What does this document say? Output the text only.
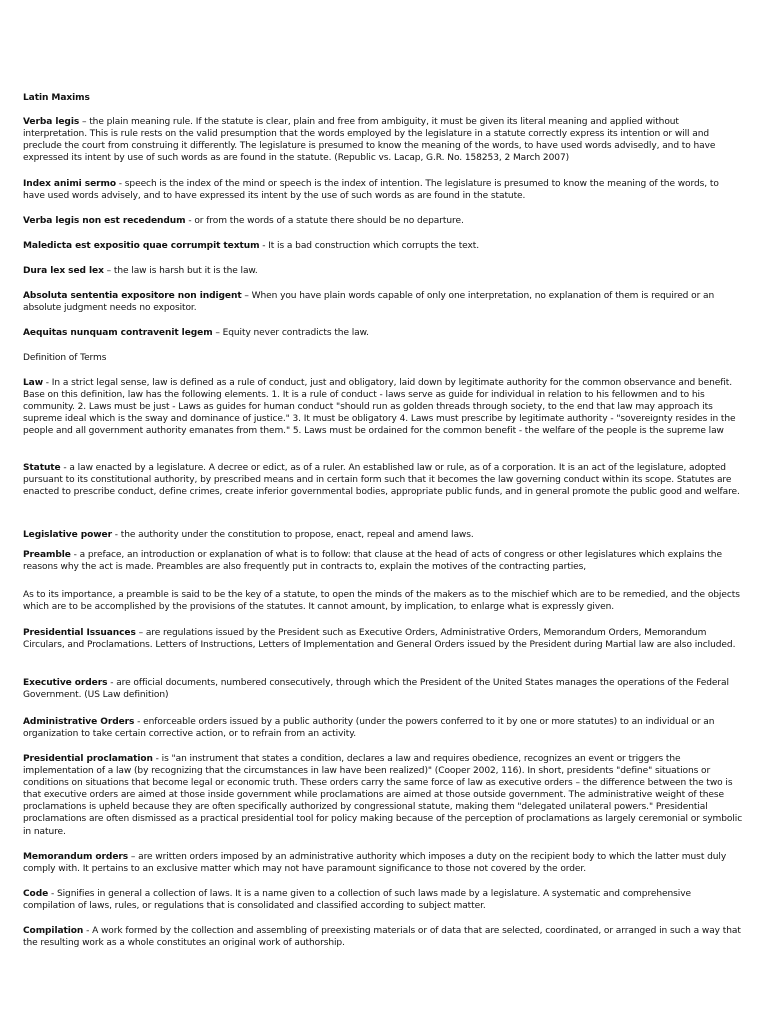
Latin Maxims

Verba legis – the plain meaning rule. If the statute is clear, plain and free from ambiguity, it must be given its literal meaning and applied without interpretation. This is rule rests on the valid presumption that the words employed by the legislature in a statute correctly express its intention or will and preclude the court from construing it differently. The legislature is presumed to know the meaning of the words, to have used words advisedly, and to have expressed its intent by use of such words as are found in the statute. (Republic vs. Lacap, G.R. No. 158253, 2 March 2007)

Index animi sermo - speech is the index of the mind or speech is the index of intention. The legislature is presumed to know the meaning of the words, to have used words advisely, and to have expressed its intent by the use of such words as are found in the statute.

Verba legis non est recedendum - or from the words of a statute there should be no departure.

Maledicta est expositio quae corrumpit textum - It is a bad construction which corrupts the text.

Dura lex sed lex – the law is harsh but it is the law.

Absoluta sententia expositore non indigent – When you have plain words capable of only one interpretation, no explanation of them is required or an absolute judgment needs no expositor.

Aequitas nunquam contravenit legem – Equity never contradicts the law.

Definition of Terms

Law - In a strict legal sense, law is defined as a rule of conduct, just and obligatory, laid down by legitimate authority for the common observance and benefit. Base on this definition, law has the following elements. 1. It is a rule of conduct - laws serve as guide for individual in relation to his fellowmen and to his community. 2. Laws must be just - Laws as guides for human conduct "should run as golden threads through society, to the end that law may approach its supreme ideal which is the sway and dominance of justice." 3. It must be obligatory 4. Laws must prescribe by legitimate authority - "sovereignty resides in the people and all government authority emanates from them." 5. Laws must be ordained for the common benefit - the welfare of the people is the supreme law

Statute - a law enacted by a legislature. A decree or edict, as of a ruler. An established law or rule, as of a corporation. It is an act of the legislature, adopted pursuant to its constitutional authority, by prescribed means and in certain form such that it becomes the law governing conduct within its scope. Statutes are enacted to prescribe conduct, define crimes, create inferior governmental bodies, appropriate public funds, and in general promote the public good and welfare.

Legislative power - the authority under the constitution to propose, enact, repeal and amend laws.

Preamble - a preface, an introduction or explanation of what is to follow: that clause at the head of acts of congress or other legislatures which explains the reasons why the act is made. Preambles are also frequently put in contracts to, explain the motives of the contracting parties,

As to its importance, a preamble is said to be the key of a statute, to open the minds of the makers as to the mischief which are to be remedied, and the objects which are to be accomplished by the provisions of the statutes. It cannot amount, by implication, to enlarge what is expressly given.

Presidential Issuances – are regulations issued by the President such as Executive Orders, Administrative Orders, Memorandum Orders, Memorandum Circulars, and Proclamations. Letters of Instructions, Letters of Implementation and General Orders issued by the President during Martial law are also included.

Executive orders - are official documents, numbered consecutively, through which the President of the United States manages the operations of the Federal Government. (US Law definition)

Administrative Orders - enforceable orders issued by a public authority (under the powers conferred to it by one or more statutes) to an individual or an organization to take certain corrective action, or to refrain from an activity.

Presidential proclamation - is "an instrument that states a condition, declares a law and requires obedience, recognizes an event or triggers the implementation of a law (by recognizing that the circumstances in law have been realized)" (Cooper 2002, 116). In short, presidents "define" situations or conditions on situations that become legal or economic truth. These orders carry the same force of law as executive orders – the difference between the two is that executive orders are aimed at those inside government while proclamations are aimed at those outside government. The administrative weight of these proclamations is upheld because they are often specifically authorized by congressional statute, making them "delegated unilateral powers." Presidential proclamations are often dismissed as a practical presidential tool for policy making because of the perception of proclamations as largely ceremonial or symbolic in nature.

Memorandum orders – are written orders imposed by an administrative authority which imposes a duty on the recipient body to which the latter must duly comply with. It pertains to an exclusive matter which may not have paramount significance to those not covered by the order.

Code - Signifies in general a collection of laws. It is a name given to a collection of such laws made by a legislature. A systematic and comprehensive compilation of laws, rules, or regulations that is consolidated and classified according to subject matter.

Compilation - A work formed by the collection and assembling of preexisting materials or of data that are selected, coordinated, or arranged in such a way that the resulting work as a whole constitutes an original work of authorship.
